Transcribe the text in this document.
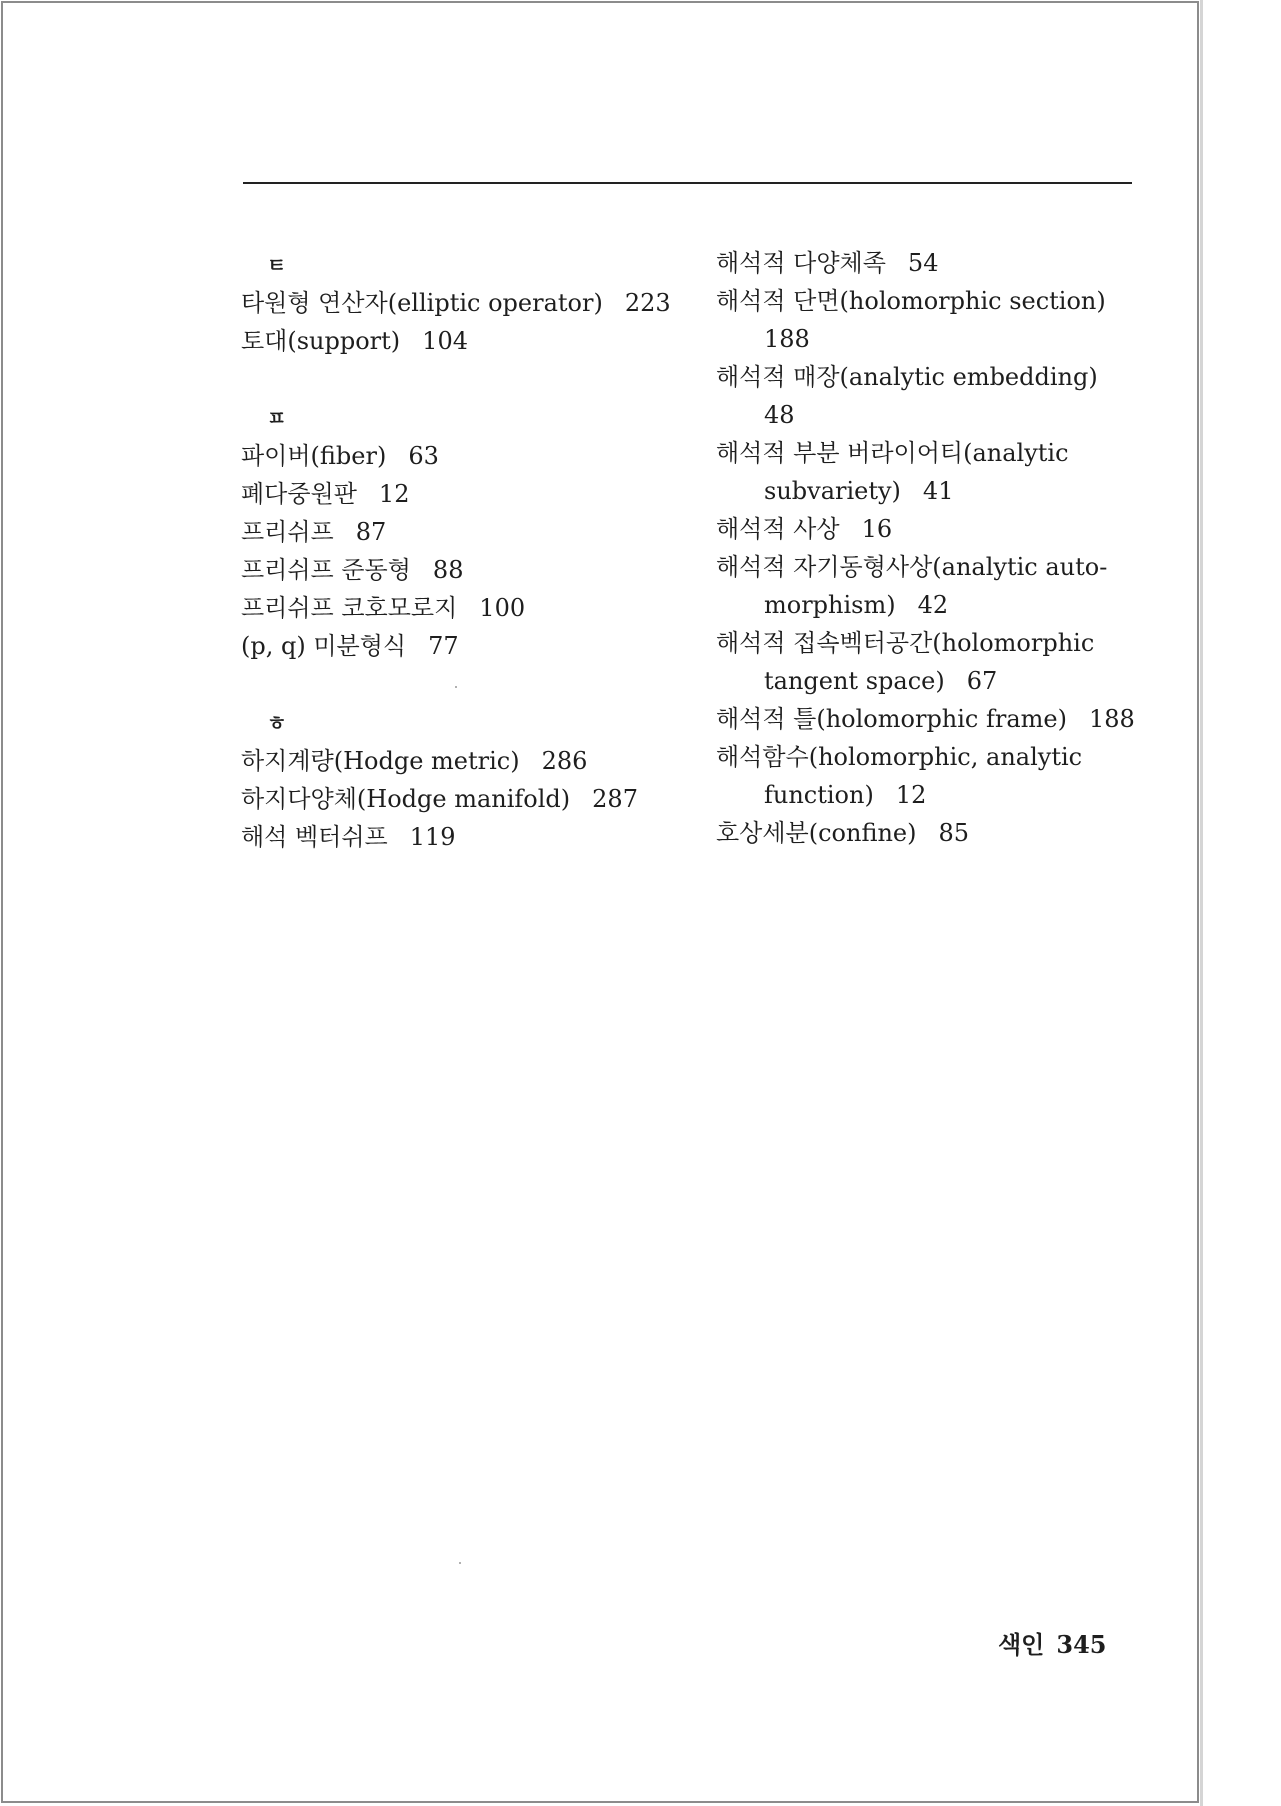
ㅌ
타원형 연산자(elliptic operator) 223
토대(support) 104
ㅍ
파이버(fiber) 63
폐다중원판 12
프리쉬프 87
프리쉬프 준동형 88
프리쉬프 코호모로지 100
(p, q) 미분형식 77
ㅎ
하지계량(Hodge metric) 286
하지다양체(Hodge manifold) 287
해석 벡터쉬프 119
해석적 다양체족 54
해석적 단면(holomorphic section)
188
해석적 매장(analytic embedding)
48
해석적 부분 버라이어티(analytic
subvariety) 41
해석적 사상 16
해석적 자기동형사상(analytic auto-
morphism) 42
해석적 접속벡터공간(holomorphic
tangent space) 67
해석적 틀(holomorphic frame) 188
해석함수(holomorphic, analytic
function) 12
호상세분(confine) 85
색인 345
